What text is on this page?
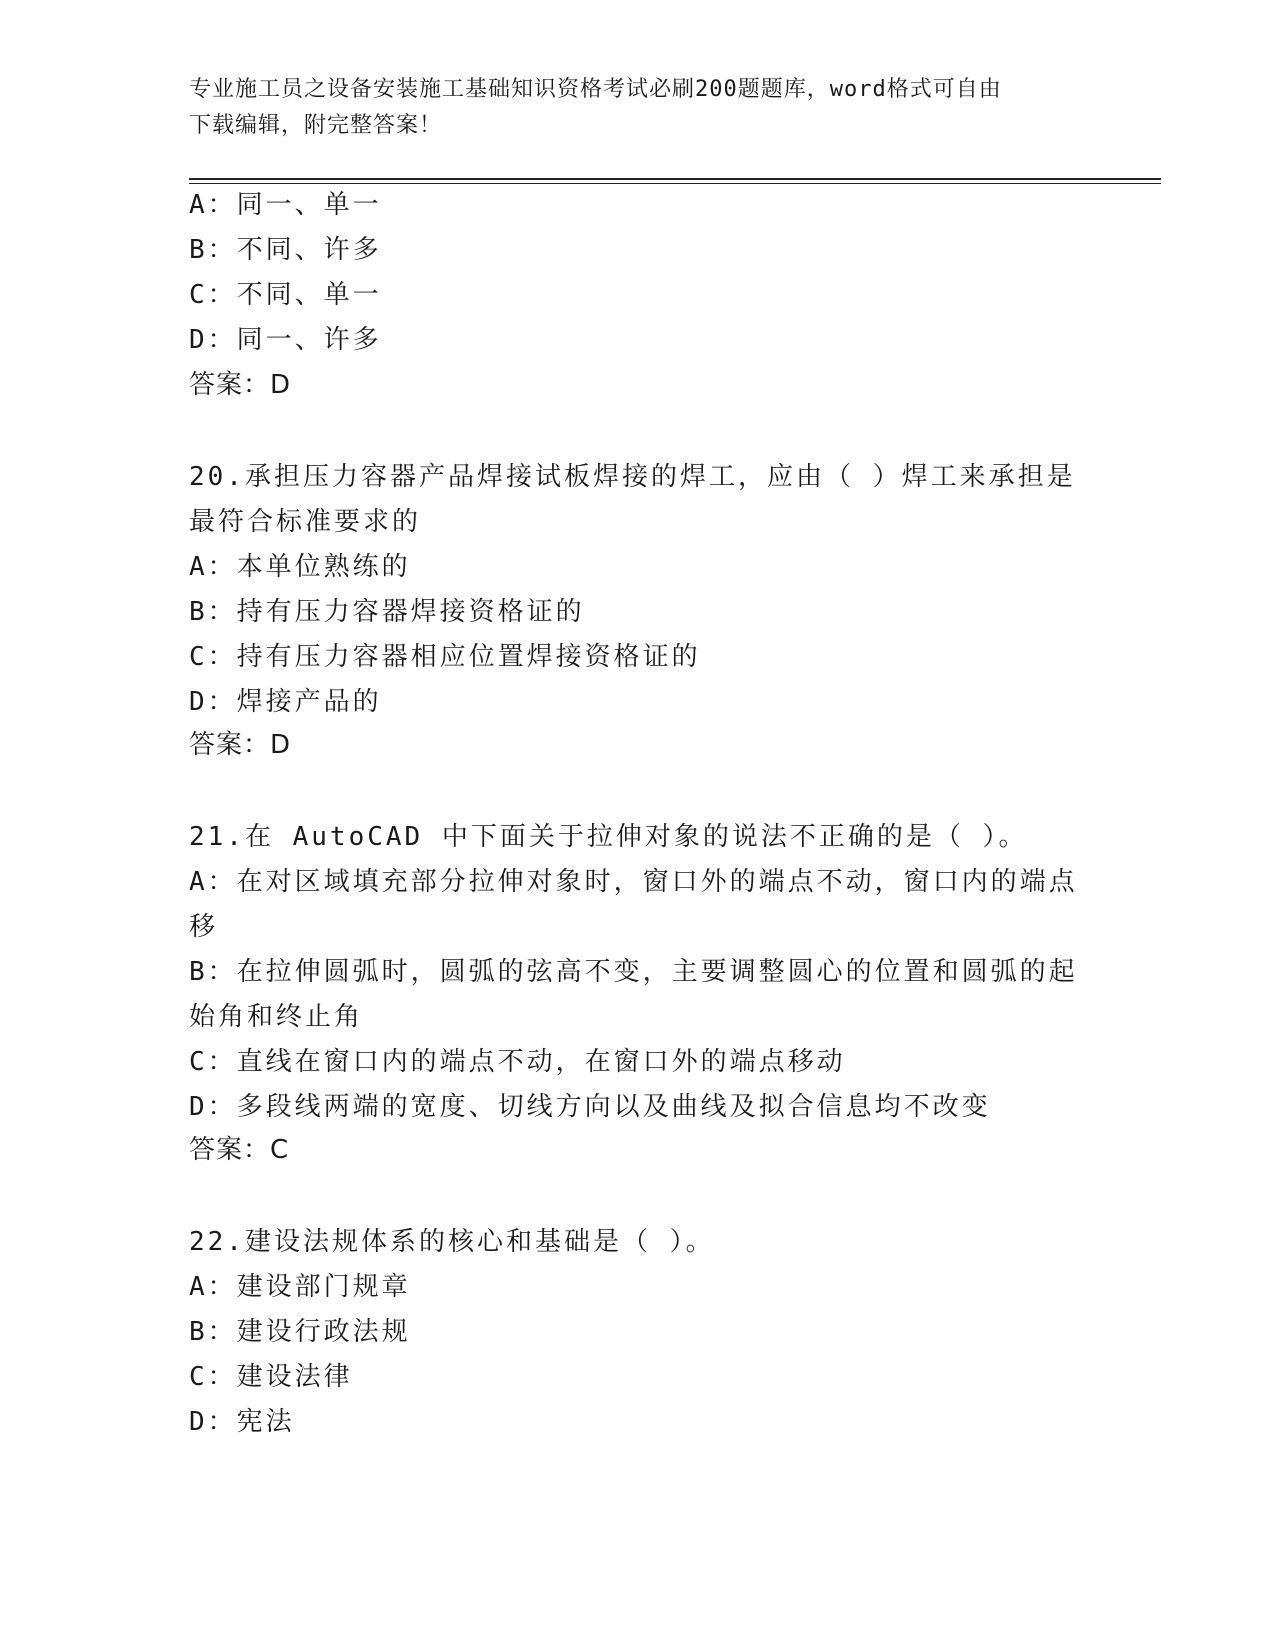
专业施工员之设备安装施工基础知识资格考试必刷200题题库，word格式可自由
下载编辑，附完整答案！
A：同一、单一
B：不同、许多
C：不同、单一
D：同一、许多
答案：D
20.承担压力容器产品焊接试板焊接的焊工，应由（ ）焊工来承担是
最符合标准要求的
A：本单位熟练的
B：持有压力容器焊接资格证的
C：持有压力容器相应位置焊接资格证的
D：焊接产品的
答案：D
21.在 AutoCAD 中下面关于拉伸对象的说法不正确的是（ ）。
A：在对区域填充部分拉伸对象时，窗口外的端点不动，窗口内的端点
移
B：在拉伸圆弧时，圆弧的弦高不变，主要调整圆心的位置和圆弧的起
始角和终止角
C：直线在窗口内的端点不动，在窗口外的端点移动
D：多段线两端的宽度、切线方向以及曲线及拟合信息均不改变
答案：C
22.建设法规体系的核心和基础是（ ）。
A：建设部门规章
B：建设行政法规
C：建设法律
D：宪法
